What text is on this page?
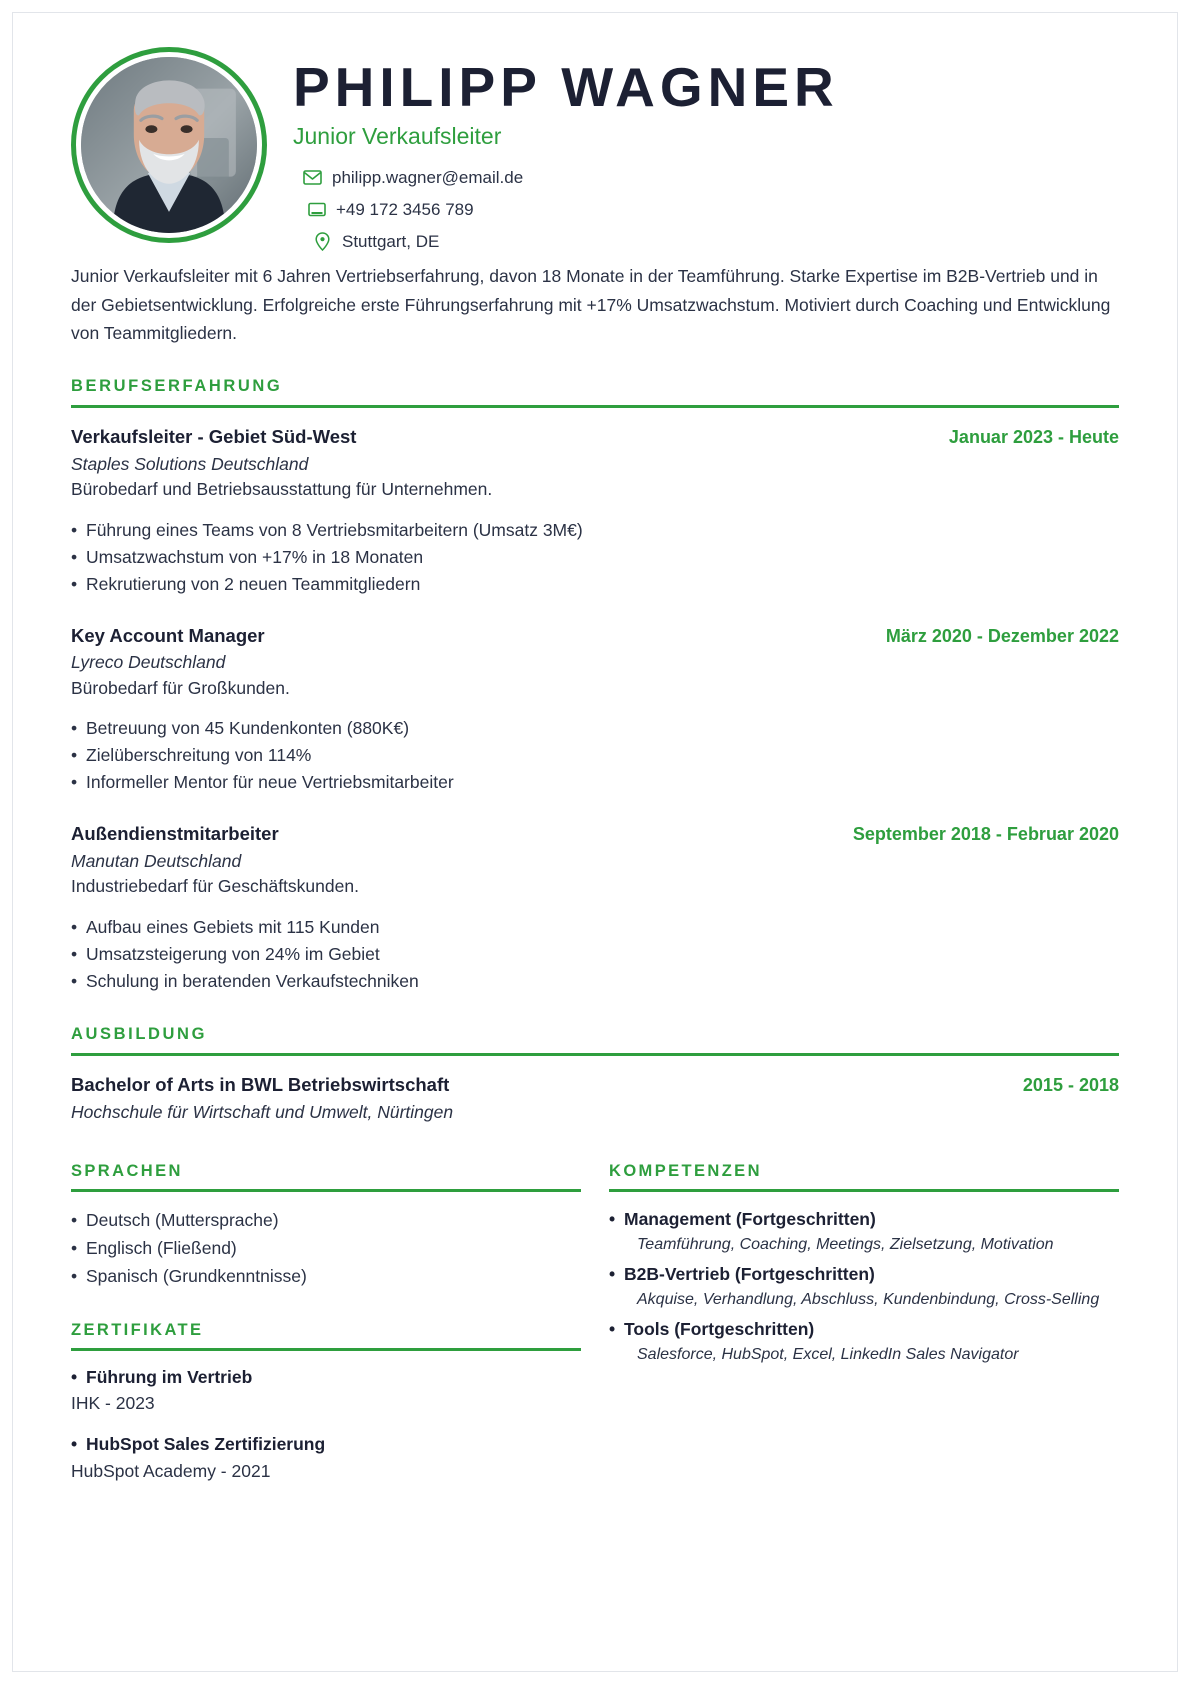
PHILIPP WAGNER
Junior Verkaufsleiter
philipp.wagner@email.de
+49 172 3456 789
Stuttgart, DE

Junior Verkaufsleiter mit 6 Jahren Vertriebserfahrung, davon 18 Monate in der Teamführung. Starke Expertise im B2B-Vertrieb und in der Gebietsentwicklung. Erfolgreiche erste Führungserfahrung mit +17% Umsatzwachstum. Motiviert durch Coaching und Entwicklung von Teammitgliedern.

BERUFSERFAHRUNG
Verkaufsleiter - Gebiet Süd-West	Januar 2023 - Heute
Staples Solutions Deutschland
Bürobedarf und Betriebsausstattung für Unternehmen.
• Führung eines Teams von 8 Vertriebsmitarbeitern (Umsatz 3M€)
• Umsatzwachstum von +17% in 18 Monaten
• Rekrutierung von 2 neuen Teammitgliedern
Key Account Manager	März 2020 - Dezember 2022
Lyreco Deutschland
Bürobedarf für Großkunden.
• Betreuung von 45 Kundenkonten (880K€)
• Zielüberschreitung von 114%
• Informeller Mentor für neue Vertriebsmitarbeiter
Außendienstmitarbeiter	September 2018 - Februar 2020
Manutan Deutschland
Industriebedarf für Geschäftskunden.
• Aufbau eines Gebiets mit 115 Kunden
• Umsatzsteigerung von 24% im Gebiet
• Schulung in beratenden Verkaufstechniken
AUSBILDUNG
Bachelor of Arts in BWL Betriebswirtschaft	2015 - 2018
Hochschule für Wirtschaft und Umwelt, Nürtingen
SPRACHEN
• Deutsch (Muttersprache)
• Englisch (Fließend)
• Spanisch (Grundkenntnisse)
ZERTIFIKATE
• Führung im Vertrieb
IHK - 2023
• HubSpot Sales Zertifizierung
HubSpot Academy - 2021
KOMPETENZEN
• Management (Fortgeschritten)
Teamführung, Coaching, Meetings, Zielsetzung, Motivation
• B2B-Vertrieb (Fortgeschritten)
Akquise, Verhandlung, Abschluss, Kundenbindung, Cross-Selling
• Tools (Fortgeschritten)
Salesforce, HubSpot, Excel, LinkedIn Sales Navigator
